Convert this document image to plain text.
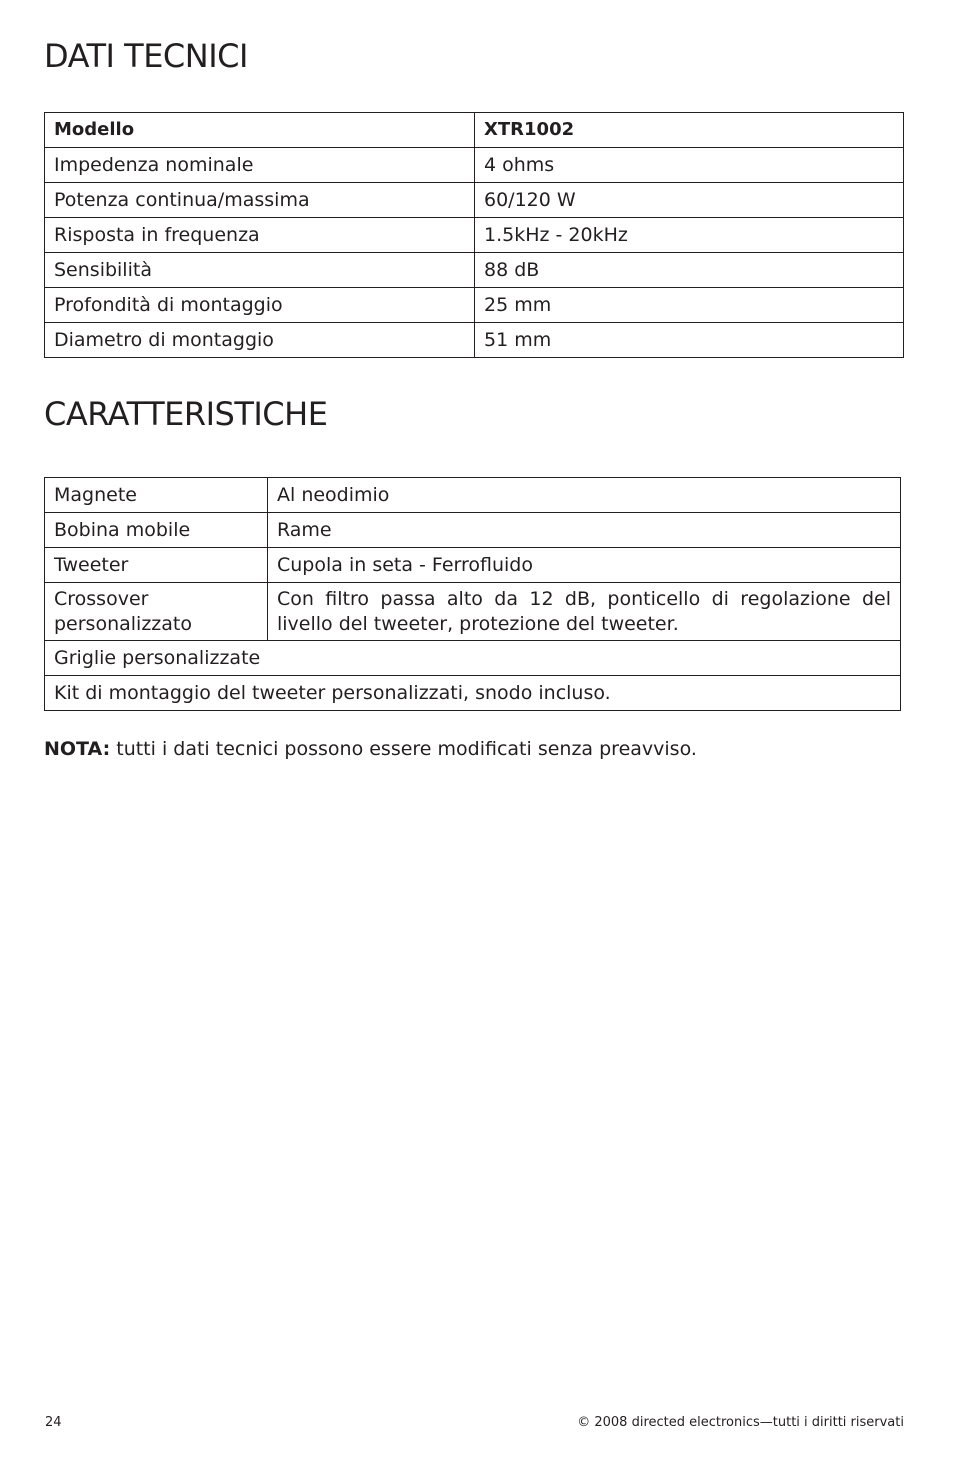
DATI TECNICI
Modello	XTR1002
Impedenza nominale	4 ohms
Potenza continua/massima	60/120 W
Risposta in frequenza	1.5kHz - 20kHz
Sensibilità	88 dB
Profondità di montaggio	25 mm
Diametro di montaggio	51 mm
CARATTERISTICHE
Magnete	Al neodimio
Bobina mobile	Rame
Tweeter	Cupola in seta - Ferrofluido
Crossover personalizzato	Con filtro passa alto da 12 dB, ponticello di regolazione del livello del tweeter, protezione del tweeter.
Griglie personalizzate	
Kit di montaggio del tweeter personalizzati, snodo incluso.	

NOTA: tutti i dati tecnici possono essere modificati senza preavviso.

24	© 2008 directed electronics—tutti i diritti riservati
